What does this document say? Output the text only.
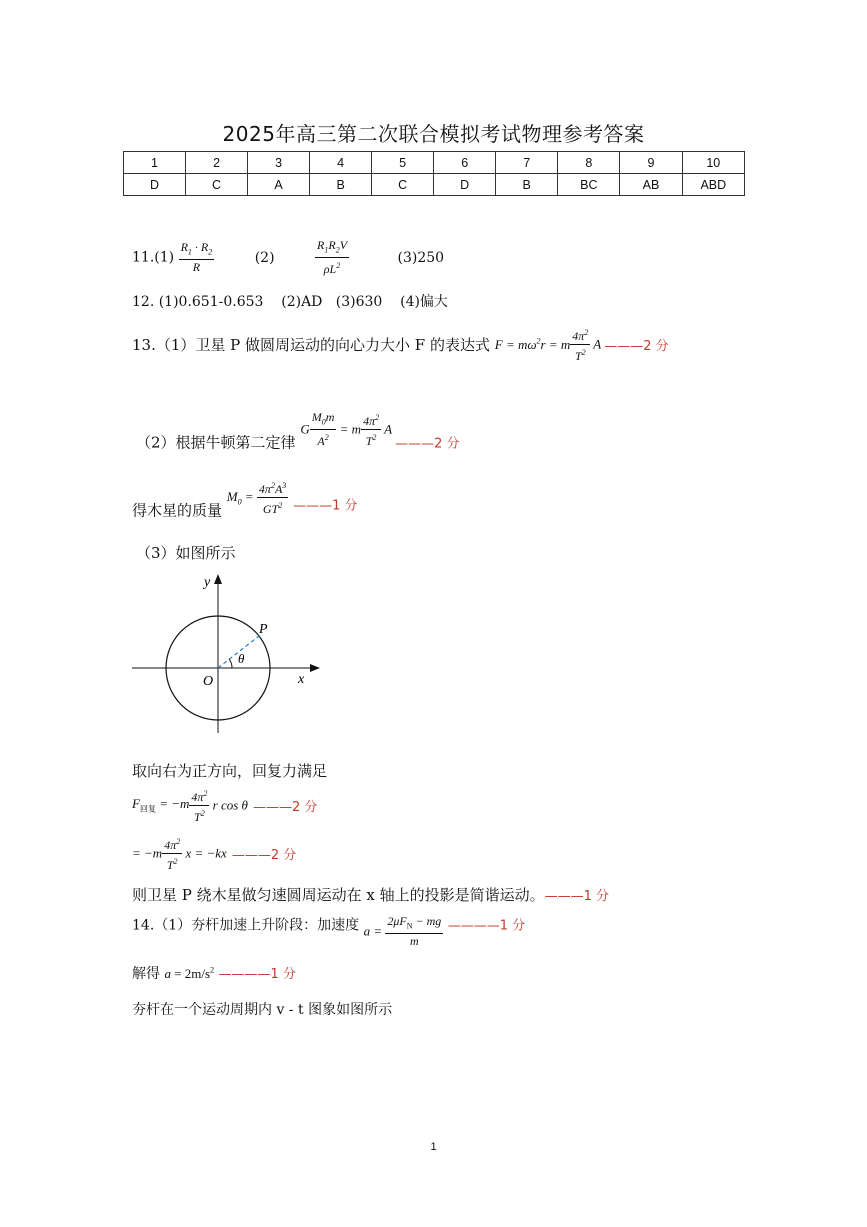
2025年高三第二次联合模拟考试物理参考答案
1	2	3	4	5	6	7	8	9	10
D	C	A	B	C	D	B	BC	AB	ABD
$11.(1) \frac{R_1 \cdot R_2}{R}$	(2)	$\frac{R_1R_2V}{\rho L^2}$	(3)250
12. (1)0.651-0.653    (2)AD   (3)630    (4)偏大
13.（1）卫星 P 做圆周运动的向心力大小 F 的表达式 $F = m\omega^2r = m \frac{4\pi^2}{T^2}$ A ———2 分
（2）根据牛顿第二定律 G $\frac{M_0m}{A^2} = m \frac{4\pi^2}{T^2}$ A ———2 分
得木星的质量 $M_0 = \frac{4\pi^2A^3}{GT^2}$ ———1 分
（3）如图所示
y
x
O
P
θ
取向右为正方向，回复力满足
$F_{回复} = -m \frac{4\pi^2}{T^2}$ r cos θ ———2 分
= $-m \frac{4\pi^2}{T^2}$ x = −kx ———2 分
则卫星 P 绕木星做匀速圆周运动在 x 轴上的投影是简谐运动。———1 分
14.（1）夯杆加速上升阶段：加速度 $a = \frac{2\mu F_N - mg}{m}$ ————1 分
解得 $a = 2m/s^2$ ————1 分
夯杆在一个运动周期内 v - t 图象如图所示
1
